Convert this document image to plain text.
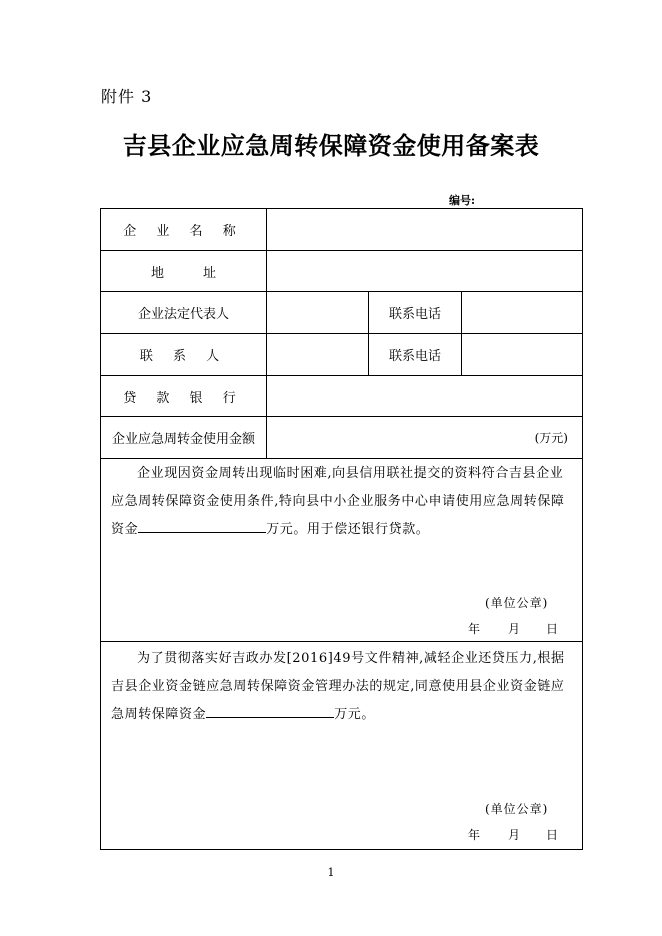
附件 3
吉县企业应急周转保障资金使用备案表
编号:
企 业 名 称
地　　　址
企业法定代表人	联系电话
联 系 人	联系电话
贷 款 银 行
企业应急周转金使用金额	(万元)
企业现因资金周转出现临时困难,向县信用联社提交的资料符合吉县企业应急周转保障资金使用条件,特向县中小企业服务中心申请使用应急周转保障资金	万元。用于偿还银行贷款。
(单位公章)
年 月 日
为了贯彻落实好吉政办发[2016]49号文件精神,减轻企业还贷压力,根据吉县企业资金链应急周转保障资金管理办法的规定,同意使用县企业资金链应急周转保障资金	万元。
(单位公章)
年 月 日
1
